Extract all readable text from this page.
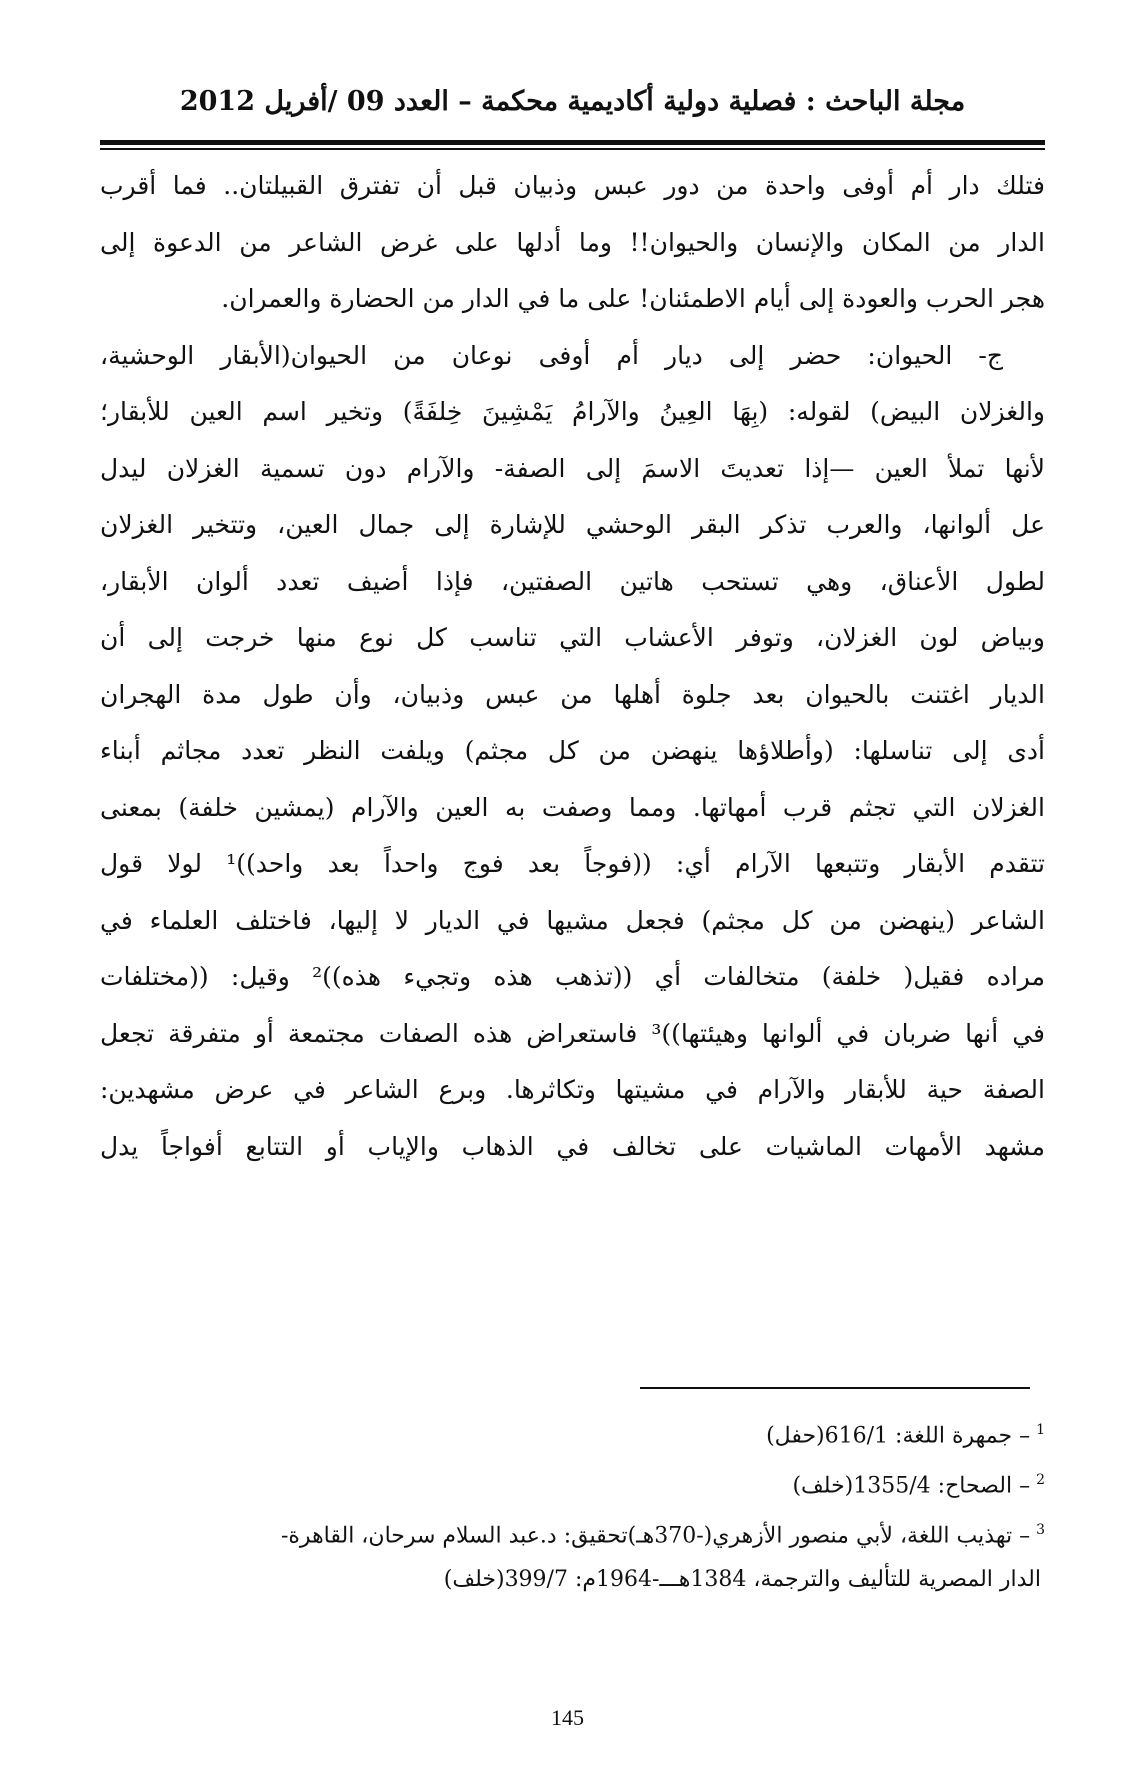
مجلة الباحث : فصلية دولية أكاديمية محكمة – العدد 09 /أفريل 2012
فتلك دار أم أوفى واحدة من دور عبس وذبيان قبل أن تفترق القبيلتان.. فما أقرب
الدار من المكان والإنسان والحيوان!! وما أدلها على غرض الشاعر من الدعوة إلى
هجر الحرب والعودة إلى أيام الاطمئنان! على ما في الدار من الحضارة والعمران.
ج- الحيوان: حضر إلى ديار أم أوفى نوعان من الحيوان(الأبقار الوحشية،
والغزلان البيض) لقوله: (بِهَا العِينُ والآرامُ يَمْشِينَ خِلفَةً) وتخير اسم العين للأبقار؛
لأنها تملأ العين —إذا تعديتَ الاسمَ إلى الصفة- والآرام دون تسمية الغزلان ليدل
عل ألوانها، والعرب تذكر البقر الوحشي للإشارة إلى جمال العين، وتتخير الغزلان
لطول الأعناق، وهي تستحب هاتين الصفتين، فإذا أضيف تعدد ألوان الأبقار،
وبياض لون الغزلان، وتوفر الأعشاب التي تناسب كل نوع منها خرجت إلى أن
الديار اغتنت بالحيوان بعد جلوة أهلها من عبس وذبيان، وأن طول مدة الهجران
أدى إلى تناسلها: (وأطلاؤها ينهضن من كل مجثم) ويلفت النظر تعدد مجاثم أبناء
الغزلان التي تجثم قرب أمهاتها. ومما وصفت به العين والآرام (يمشين خلفة) بمعنى
تتقدم الأبقار وتتبعها الآرام أي: ((فوجاً بعد فوج واحداً بعد واحد))¹ لولا قول
الشاعر (ينهضن من كل مجثم) فجعل مشيها في الديار لا إليها، فاختلف العلماء في
مراده فقيل( خلفة) متخالفات أي ((تذهب هذه وتجيء هذه))² وقيل: ((مختلفات
في أنها ضربان في ألوانها وهيئتها))³ فاستعراض هذه الصفات مجتمعة أو متفرقة تجعل
الصفة حية للأبقار والآرام في مشيتها وتكاثرها. وبرع الشاعر في عرض مشهدين:
مشهد الأمهات الماشيات على تخالف في الذهاب والإياب أو التتابع أفواجاً يدل
$^1$– جمهرة اللغة: 616/1(حفل)
$^2$– الصحاح: 1355/4(خلف)
$^3$– تهذيب اللغة، لأبي منصور الأزهري(-370هـ)تحقيق: د.عبد السلام سرحان، القاهرة-
الدار المصرية للتأليف والترجمة، 1384هـــ-1964م: 399/7(خلف)
145
